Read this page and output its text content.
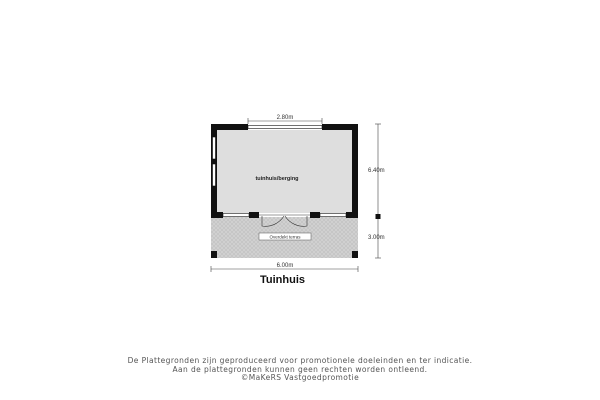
Overdekt terras
tuinhuis/berging
2.80m
6.40m
3.00m
6.00m
Tuinhuis
De Plattegronden zijn geproduceerd voor promotionele doeleinden en ter indicatie.
Aan de plattegronden kunnen geen rechten worden ontleend.
©MaKeRS Vastgoedpromotie
